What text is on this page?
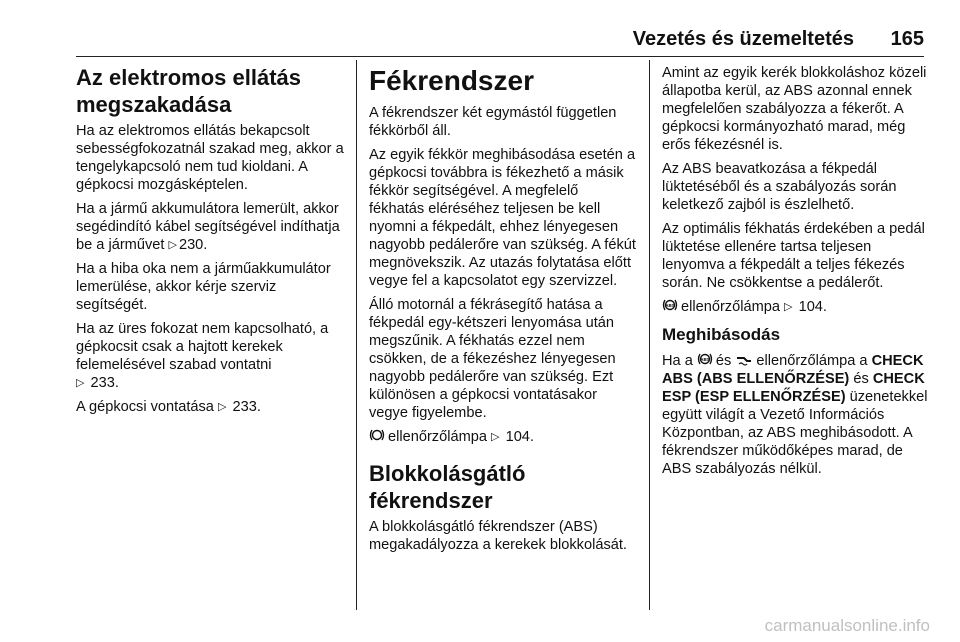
Vezetés és üzemeltetés 165
Az elektromos ellátás megszakadása

Ha az elektromos ellátás bekapcsolt sebességfokozatnál szakad meg, akkor a tengelykapcsoló nem tud kioldani. A gépkocsi mozgásképtelen.

Ha a jármű akkumulátora lemerült, akkor segédindító kábel segítségével indíthatja be a járművet ▷ 230.

Ha a hiba oka nem a járműakkumulátor lemerülése, akkor kérje szerviz segítségét.

Ha az üres fokozat nem kapcsolható, a gépkocsit csak a hajtott kerekek felemelésével szabad vontatni
▷ 233.

A gépkocsi vontatása ▷ 233.

Fékrendszer

A fékrendszer két egymástól független fékkörből áll.

Az egyik fékkör meghibásodása esetén a gépkocsi továbbra is fékezhető a másik fékkör segítségével. A megfelelő fékhatás eléréséhez teljesen be kell nyomni a fékpedált, ehhez lényegesen nagyobb pedálerőre van szükség. A fékút megnövekszik. Az utazás folytatása előtt vegye fel a kapcsolatot egy szervizzel.

Álló motornál a fékrásegítő hatása a fékpedál egy-kétszeri lenyomása után megszűnik. A fékhatás ezzel nem csökken, de a fékezéshez lényegesen nagyobb pedálerőre van szükség. Ezt különösen a gépkocsi vontatásakor vegye figyelembe.

ellenőrzőlámpa ▷ 104.

Blokkolásgátló fékrendszer

A blokkolásgátló fékrendszer (ABS) megakadályozza a kerekek blokkolását.

Amint az egyik kerék blokkoláshoz közeli állapotba kerül, az ABS azonnal ennek megfelelően szabályozza a fékerőt. A gépkocsi kormányozható marad, még erős fékezésnél is.

Az ABS beavatkozása a fékpedál lüktetéséből és a szabályozás során keletkező zajból is észlelhető.

Az optimális fékhatás érdekében a pedál lüktetése ellenére tartsa teljesen lenyomva a fékpedált a teljes fékezés során. Ne csökkentse a pedálerőt.

ABS ellenőrzőlámpa ▷ 104.

Meghibásodás

Ha a ABS és ellenőrzőlámpa a CHECK ABS (ABS ELLENŐRZÉSE) és CHECK ESP (ESP ELLENŐRZÉSE) üzenetekkel együtt világít a Vezető Információs Központban, az ABS meghibásodott. A fékrendszer működőképes marad, de ABS szabályozás nélkül.

carmanualsonline.info
